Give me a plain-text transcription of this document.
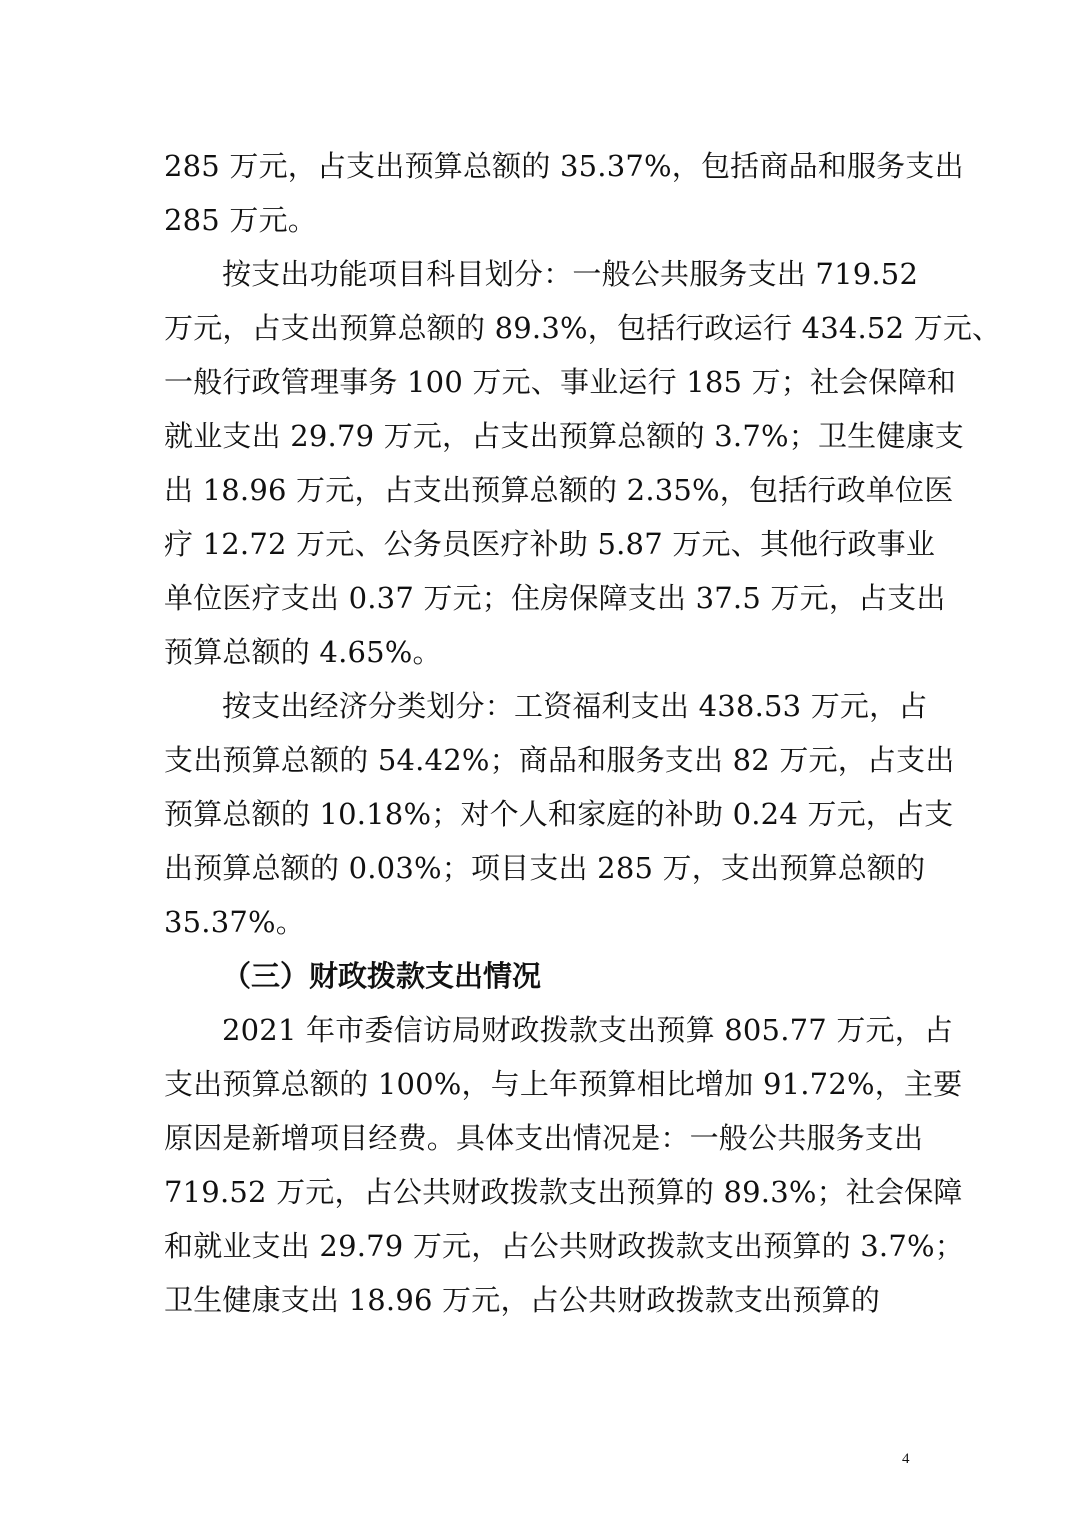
285 万元，占支出预算总额的 35.37%，包括商品和服务支出
285 万元。
按支出功能项目科目划分：一般公共服务支出 719.52
万元，占支出预算总额的 89.3%，包括行政运行 434.52 万元、
一般行政管理事务 100 万元、事业运行 185 万；社会保障和
就业支出 29.79 万元，占支出预算总额的 3.7%；卫生健康支
出 18.96 万元，占支出预算总额的 2.35%，包括行政单位医
疗 12.72 万元、公务员医疗补助 5.87 万元、其他行政事业
单位医疗支出 0.37 万元；住房保障支出 37.5 万元，占支出
预算总额的 4.65%。
按支出经济分类划分：工资福利支出 438.53 万元，占
支出预算总额的 54.42%；商品和服务支出 82 万元，占支出
预算总额的 10.18%；对个人和家庭的补助 0.24 万元，占支
出预算总额的 0.03%；项目支出 285 万，支出预算总额的
35.37%。
（三）财政拨款支出情况
2021 年市委信访局财政拨款支出预算 805.77 万元，占
支出预算总额的 100%，与上年预算相比增加 91.72%，主要
原因是新增项目经费。具体支出情况是：一般公共服务支出
719.52 万元，占公共财政拨款支出预算的 89.3%；社会保障
和就业支出 29.79 万元，占公共财政拨款支出预算的 3.7%；
卫生健康支出 18.96 万元，占公共财政拨款支出预算的
4
